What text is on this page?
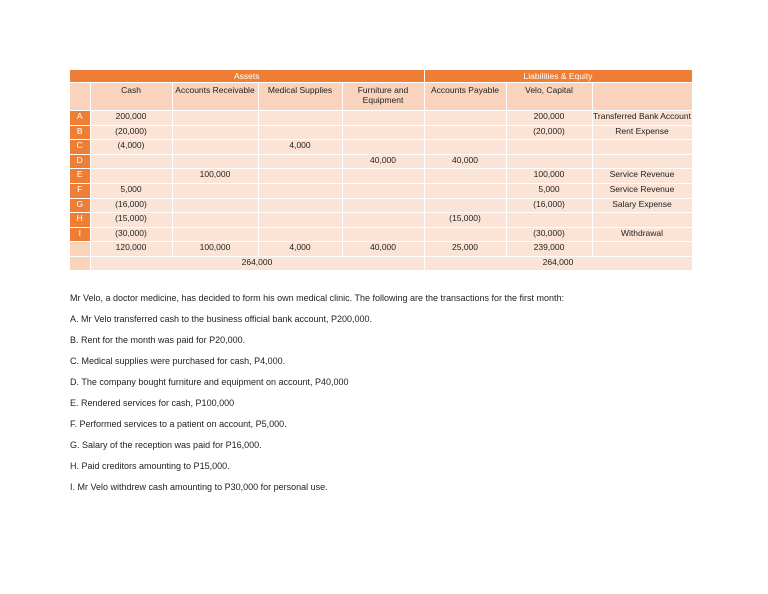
Assets					Liabilities & Equity		
	Cash	Accounts Receivable	Medical Supplies	Furniture and Equipment	Accounts Payable	Velo, Capital	
A	200,000					200,000	Transferred Bank Account
B	(20,000)					(20,000)	Rent Expense
C	(4,000)		4,000				
D				40,000	40,000		
E		100,000				100,000	Service Revenue
F	5,000					5,000	Service Revenue
G	(16,000)					(16,000)	Salary Expense
H	(15,000)				(15,000)		
I	(30,000)					(30,000)	Withdrawal
	120,000	100,000	4,000	40,000	25,000	239,000	
	264,000				264,000		

Mr Velo, a doctor medicine, has decided to form his own medical clinic. The following are the transactions for the first month:

A. Mr Velo transferred cash to the business official bank account, P200,000.

B. Rent for the month was paid for P20,000.

C. Medical supplies were purchased for cash, P4,000.

D. The company bought furniture and equipment on account, P40,000

E. Rendered services for cash, P100,000

F. Performed services to a patient on account, P5,000.

G. Salary of the reception was paid for P16,000.

H. Paid creditors amounting to P15,000.

I. Mr Velo withdrew cash amounting to P30,000 for personal use.
